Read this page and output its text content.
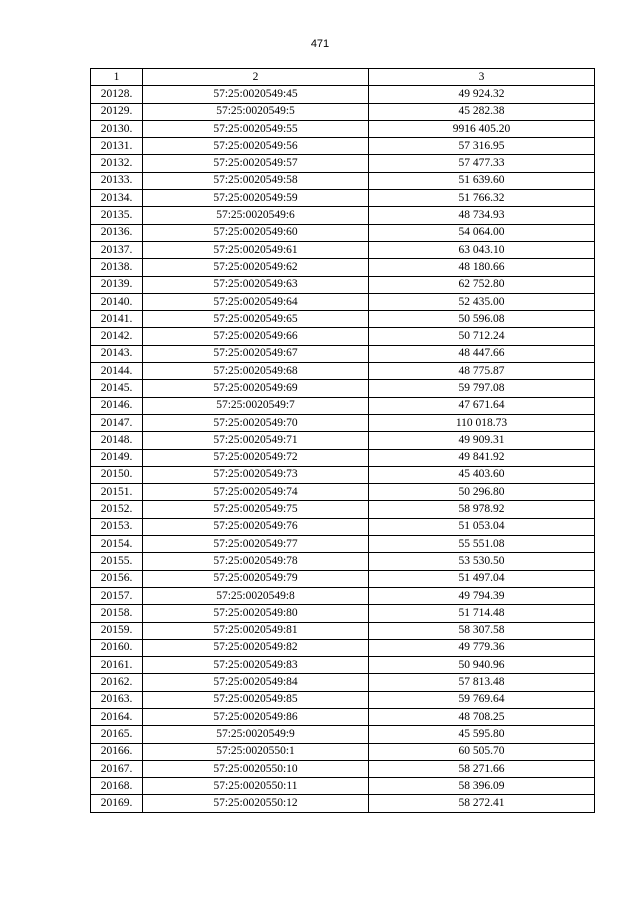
471
1	2	3
20128.	57:25:0020549:45	49 924.32
20129.	57:25:0020549:5	45 282.38
20130.	57:25:0020549:55	9916 405.20
20131.	57:25:0020549:56	57 316.95
20132.	57:25:0020549:57	57 477.33
20133.	57:25:0020549:58	51 639.60
20134.	57:25:0020549:59	51 766.32
20135.	57:25:0020549:6	48 734.93
20136.	57:25:0020549:60	54 064.00
20137.	57:25:0020549:61	63 043.10
20138.	57:25:0020549:62	48 180.66
20139.	57:25:0020549:63	62 752.80
20140.	57:25:0020549:64	52 435.00
20141.	57:25:0020549:65	50 596.08
20142.	57:25:0020549:66	50 712.24
20143.	57:25:0020549:67	48 447.66
20144.	57:25:0020549:68	48 775.87
20145.	57:25:0020549:69	59 797.08
20146.	57:25:0020549:7	47 671.64
20147.	57:25:0020549:70	110 018.73
20148.	57:25:0020549:71	49 909.31
20149.	57:25:0020549:72	49 841.92
20150.	57:25:0020549:73	45 403.60
20151.	57:25:0020549:74	50 296.80
20152.	57:25:0020549:75	58 978.92
20153.	57:25:0020549:76	51 053.04
20154.	57:25:0020549:77	55 551.08
20155.	57:25:0020549:78	53 530.50
20156.	57:25:0020549:79	51 497.04
20157.	57:25:0020549:8	49 794.39
20158.	57:25:0020549:80	51 714.48
20159.	57:25:0020549:81	58 307.58
20160.	57:25:0020549:82	49 779.36
20161.	57:25:0020549:83	50 940.96
20162.	57:25:0020549:84	57 813.48
20163.	57:25:0020549:85	59 769.64
20164.	57:25:0020549:86	48 708.25
20165.	57:25:0020549:9	45 595.80
20166.	57:25:0020550:1	60 505.70
20167.	57:25:0020550:10	58 271.66
20168.	57:25:0020550:11	58 396.09
20169.	57:25:0020550:12	58 272.41
